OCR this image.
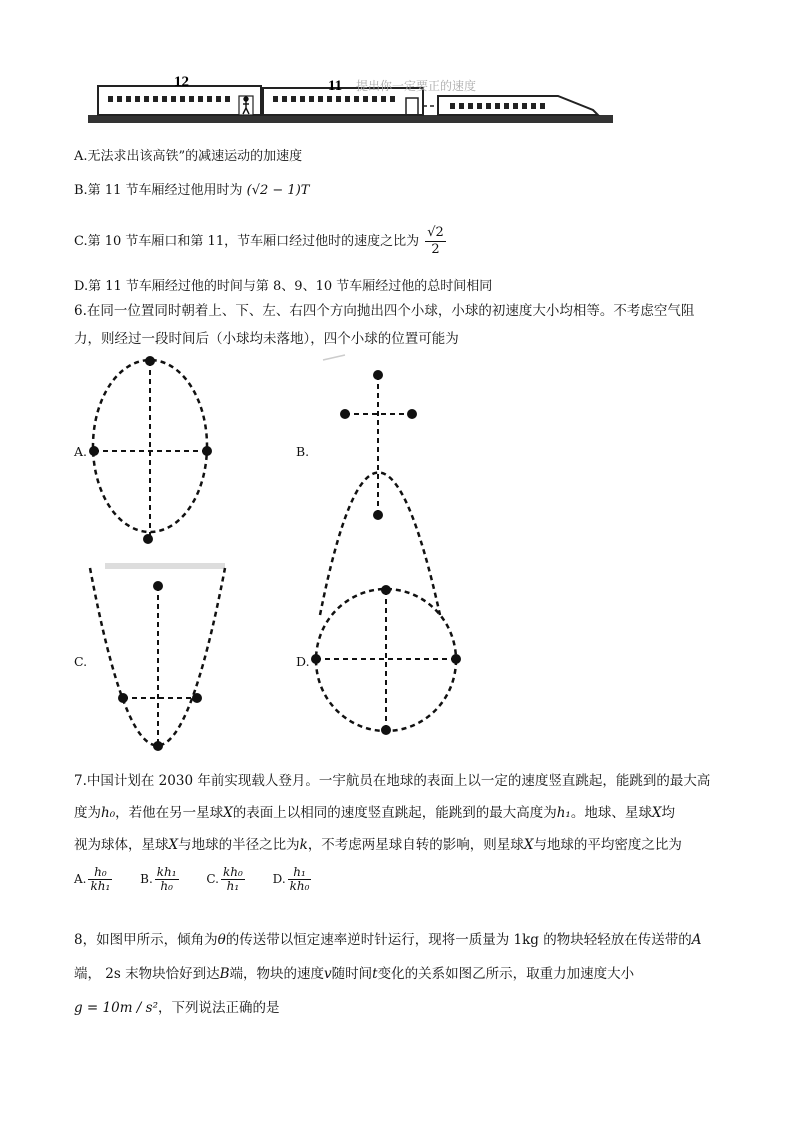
12	11 提出你一定要正的速度
A.无法求出该高铁”的减速运动的加速度
B.第 11 节车厢经过他用时为 (√2 − 1)T
C.第 10 节车厢口和第 11，节车厢口经过他时的速度之比为 $\frac{√2}{2}$
D.第 11 节车厢经过他的时间与第 8、9、10 节车厢经过他的总时间相同
6.在同一位置同时朝着上、下、左、右四个方向抛出四个小球，小球的初速度大小均相等。不考虑空气阻
力，则经过一段时间后（小球均未落地），四个小球的位置可能为
A.	B.
C.	D.
7.中国计划在 2030 年前实现载人登月。一宇航员在地球的表面上以一定的速度竖直跳起，能跳到的最大高
度为h₀，若他在另一星球X的表面上以相同的速度竖直跳起，能跳到的最大高度为h₁。地球、星球X均
视为球体，星球X与地球的半径之比为k，不考虑两星球自转的影响，则星球X与地球的平均密度之比为
A. $\frac{\text{h₀}}{\text{kh₁}} B$. $\frac{\text{kh₁}}{\text{h₀}} C$. $\frac{\text{kh₀}}{\text{h₁}} D$. $\frac{\text{h₁}}{\text{kh₀}}$
8，如图甲所示，倾角为θ的传送带以恒定速率逆时针运行，现将一质量为 1kg 的物块轻轻放在传送带的A
端， 2s 末物块恰好到达B端，物块的速度v随时间t变化的关系如图乙所示，取重力加速度大小
g = 10m / s²，下列说法正确的是
